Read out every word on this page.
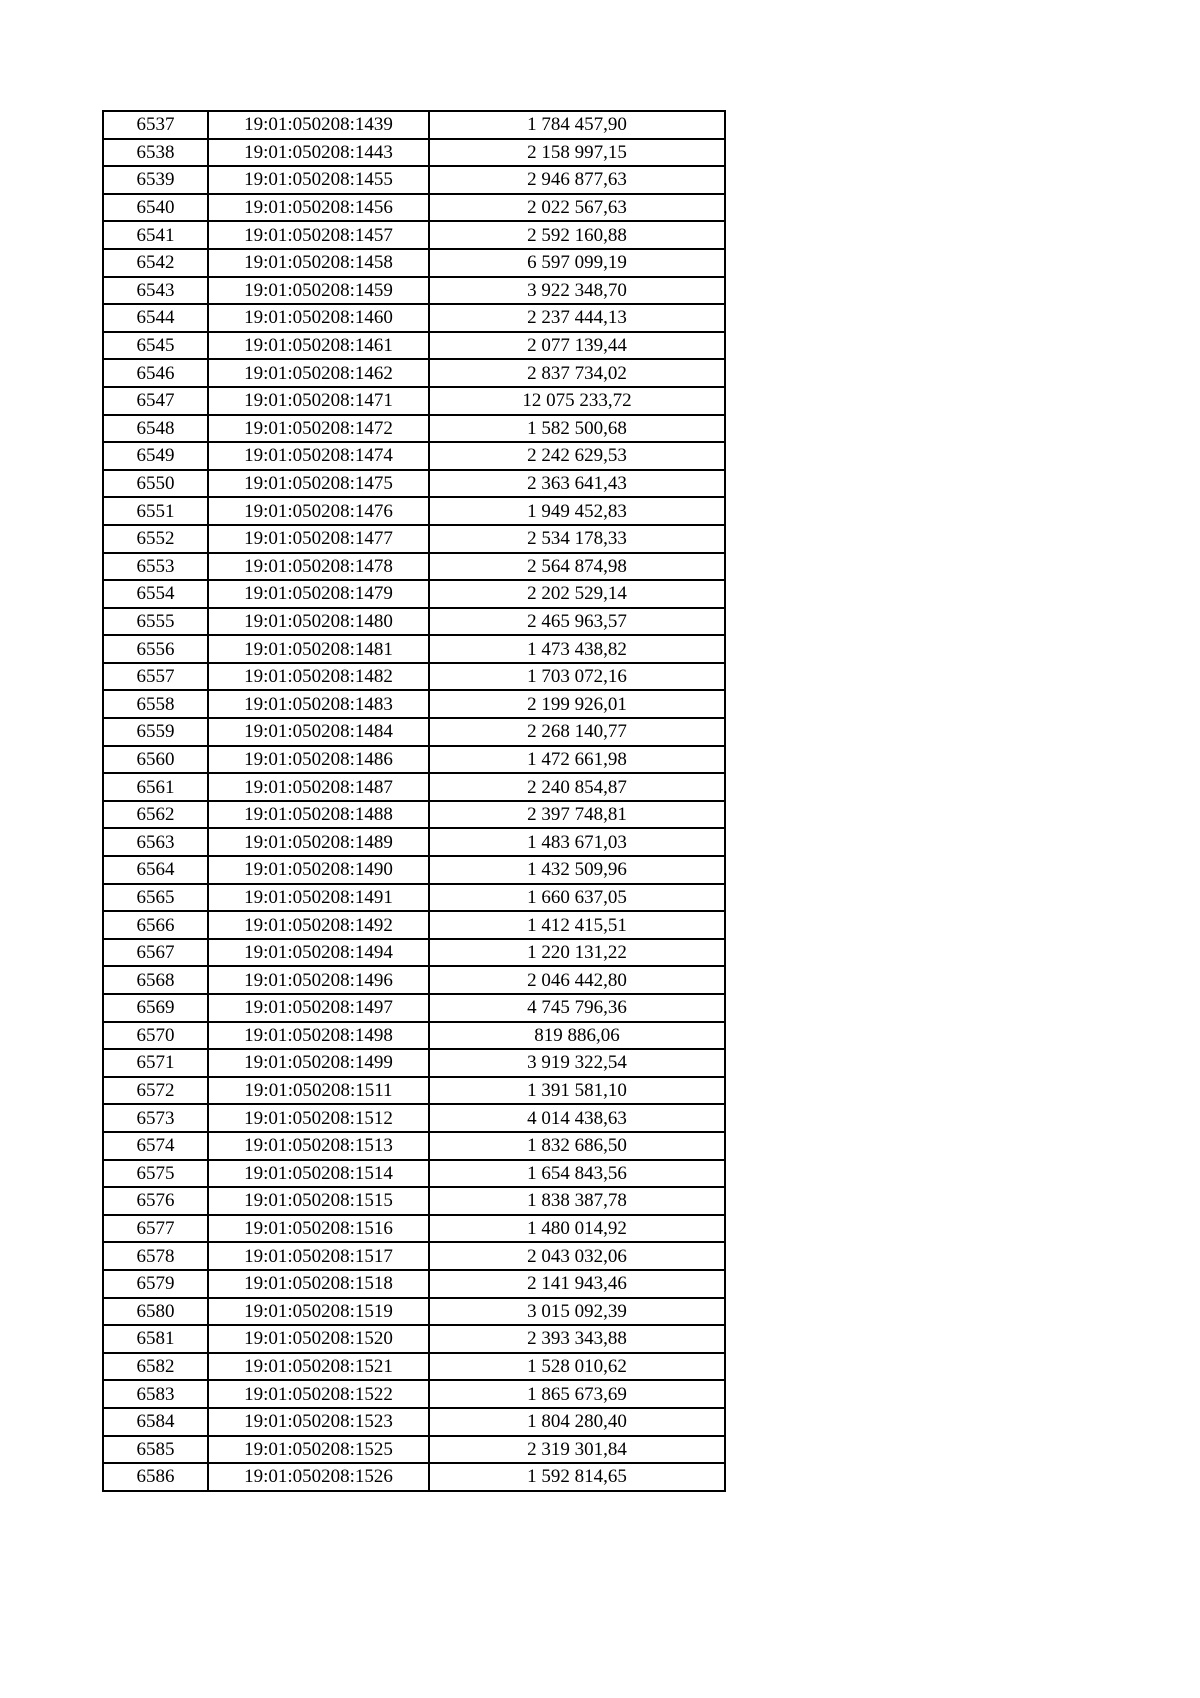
6537	19:01:050208:1439	1 784 457,90
6538	19:01:050208:1443	2 158 997,15
6539	19:01:050208:1455	2 946 877,63
6540	19:01:050208:1456	2 022 567,63
6541	19:01:050208:1457	2 592 160,88
6542	19:01:050208:1458	6 597 099,19
6543	19:01:050208:1459	3 922 348,70
6544	19:01:050208:1460	2 237 444,13
6545	19:01:050208:1461	2 077 139,44
6546	19:01:050208:1462	2 837 734,02
6547	19:01:050208:1471	12 075 233,72
6548	19:01:050208:1472	1 582 500,68
6549	19:01:050208:1474	2 242 629,53
6550	19:01:050208:1475	2 363 641,43
6551	19:01:050208:1476	1 949 452,83
6552	19:01:050208:1477	2 534 178,33
6553	19:01:050208:1478	2 564 874,98
6554	19:01:050208:1479	2 202 529,14
6555	19:01:050208:1480	2 465 963,57
6556	19:01:050208:1481	1 473 438,82
6557	19:01:050208:1482	1 703 072,16
6558	19:01:050208:1483	2 199 926,01
6559	19:01:050208:1484	2 268 140,77
6560	19:01:050208:1486	1 472 661,98
6561	19:01:050208:1487	2 240 854,87
6562	19:01:050208:1488	2 397 748,81
6563	19:01:050208:1489	1 483 671,03
6564	19:01:050208:1490	1 432 509,96
6565	19:01:050208:1491	1 660 637,05
6566	19:01:050208:1492	1 412 415,51
6567	19:01:050208:1494	1 220 131,22
6568	19:01:050208:1496	2 046 442,80
6569	19:01:050208:1497	4 745 796,36
6570	19:01:050208:1498	819 886,06
6571	19:01:050208:1499	3 919 322,54
6572	19:01:050208:1511	1 391 581,10
6573	19:01:050208:1512	4 014 438,63
6574	19:01:050208:1513	1 832 686,50
6575	19:01:050208:1514	1 654 843,56
6576	19:01:050208:1515	1 838 387,78
6577	19:01:050208:1516	1 480 014,92
6578	19:01:050208:1517	2 043 032,06
6579	19:01:050208:1518	2 141 943,46
6580	19:01:050208:1519	3 015 092,39
6581	19:01:050208:1520	2 393 343,88
6582	19:01:050208:1521	1 528 010,62
6583	19:01:050208:1522	1 865 673,69
6584	19:01:050208:1523	1 804 280,40
6585	19:01:050208:1525	2 319 301,84
6586	19:01:050208:1526	1 592 814,65
